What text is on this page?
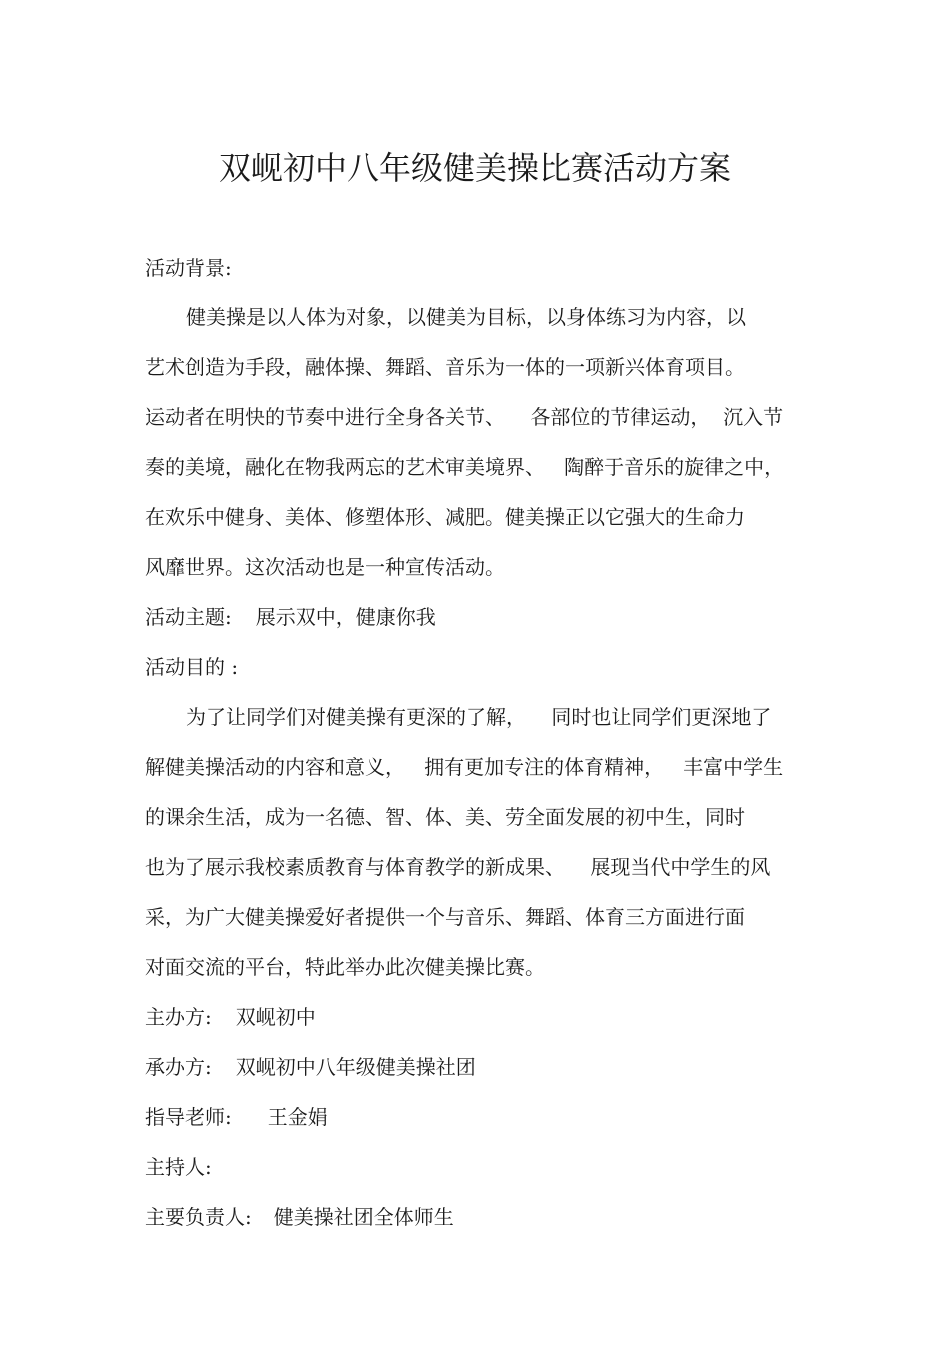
双岘初中八年级健美操比赛活动方案
活动背景:
健美操是以人体为对象，以健美为目标，以身体练习为内容，以
艺术创造为手段，融体操、舞蹈、音乐为一体的一项新兴体育项目。
运动者在明快的节奏中进行全身各关节、    各部位的节律运动，  沉入节
奏的美境，融化在物我两忘的艺术审美境界、   陶醉于音乐的旋律之中，
在欢乐中健身、美体、修塑体形、减肥。健美操正以它强大的生命力
风靡世界。这次活动也是一种宣传活动。
活动主题: 展示双中，健康你我
活动目的 :
为了让同学们对健美操有更深的了解，    同时也让同学们更深地了
解健美操活动的内容和意义，   拥有更加专注的体育精神，   丰富中学生
的课余生活，成为一名德、智、体、美、劳全面发展的初中生，同时
也为了展示我校素质教育与体育教学的新成果、    展现当代中学生的风
采，为广大健美操爱好者提供一个与音乐、舞蹈、体育三方面进行面
对面交流的平台，特此举办此次健美操比赛。
主办方: 双岘初中
承办方: 双岘初中八年级健美操社团
指导老师: 王金娟
主持人:
主要负责人: 健美操社团全体师生
